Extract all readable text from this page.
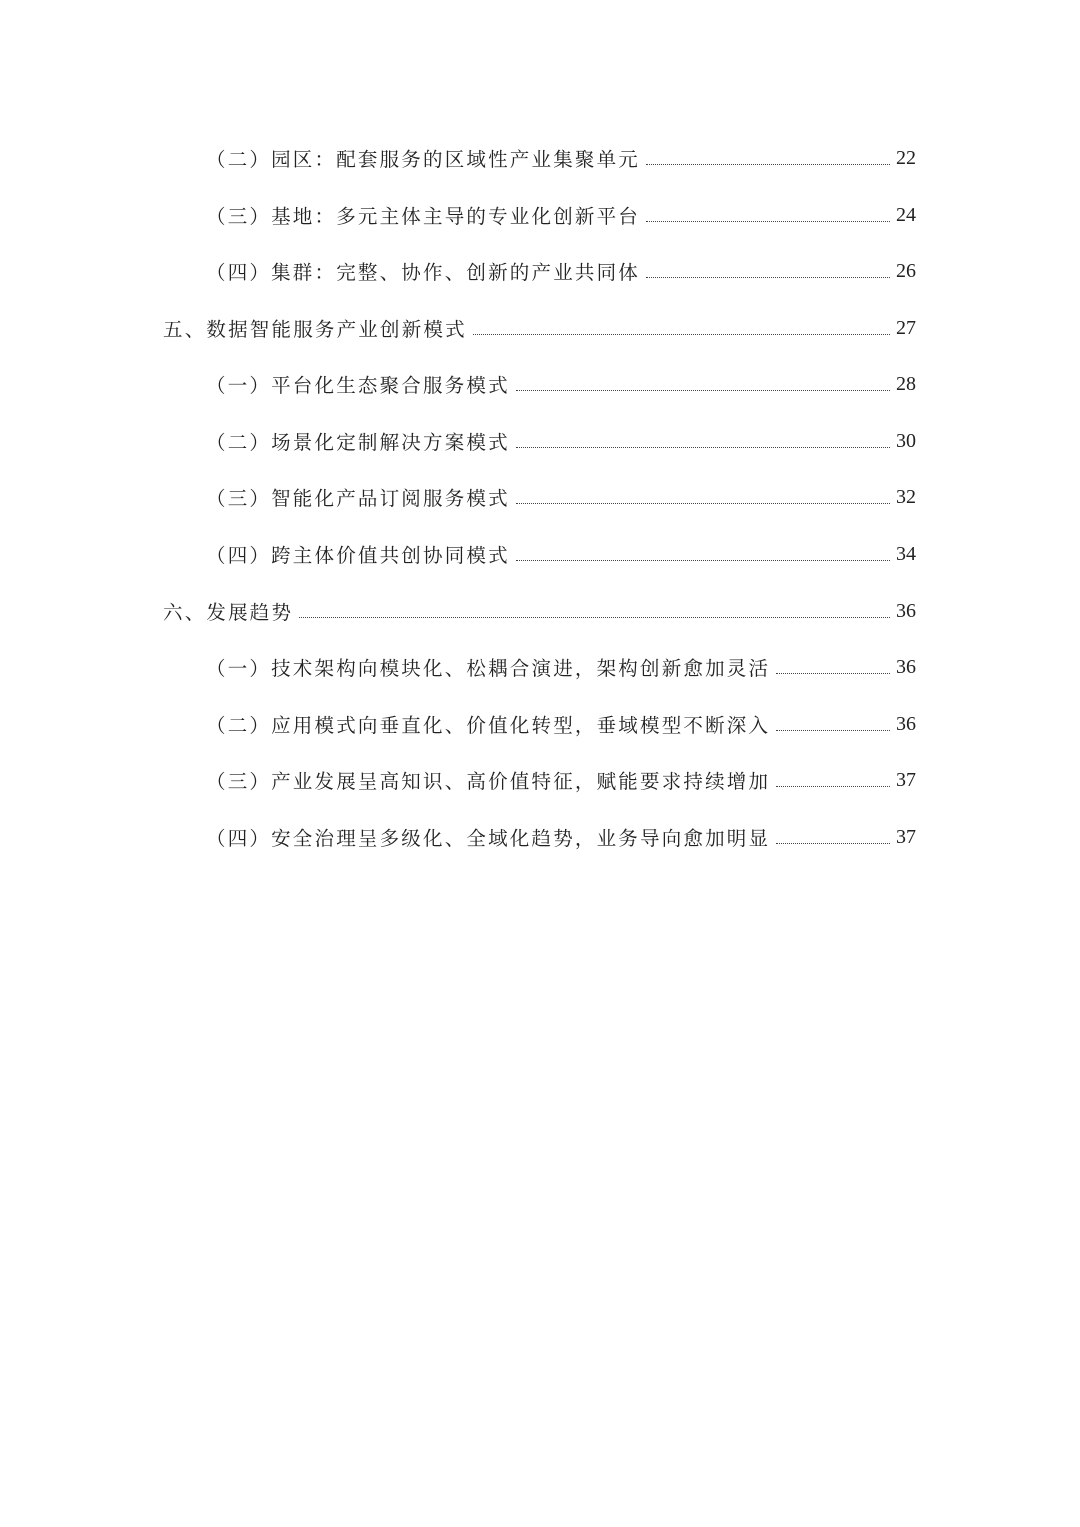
（二）园区：配套服务的区域性产业集聚单元	22
（三）基地：多元主体主导的专业化创新平台	24
（四）集群：完整、协作、创新的产业共同体	26
五、数据智能服务产业创新模式	27
（一）平台化生态聚合服务模式	28
（二）场景化定制解决方案模式	30
（三）智能化产品订阅服务模式	32
（四）跨主体价值共创协同模式	34
六、发展趋势	36
（一）技术架构向模块化、松耦合演进，架构创新愈加灵活	36
（二）应用模式向垂直化、价值化转型，垂域模型不断深入	36
（三）产业发展呈高知识、高价值特征，赋能要求持续增加	37
（四）安全治理呈多级化、全域化趋势，业务导向愈加明显	37
